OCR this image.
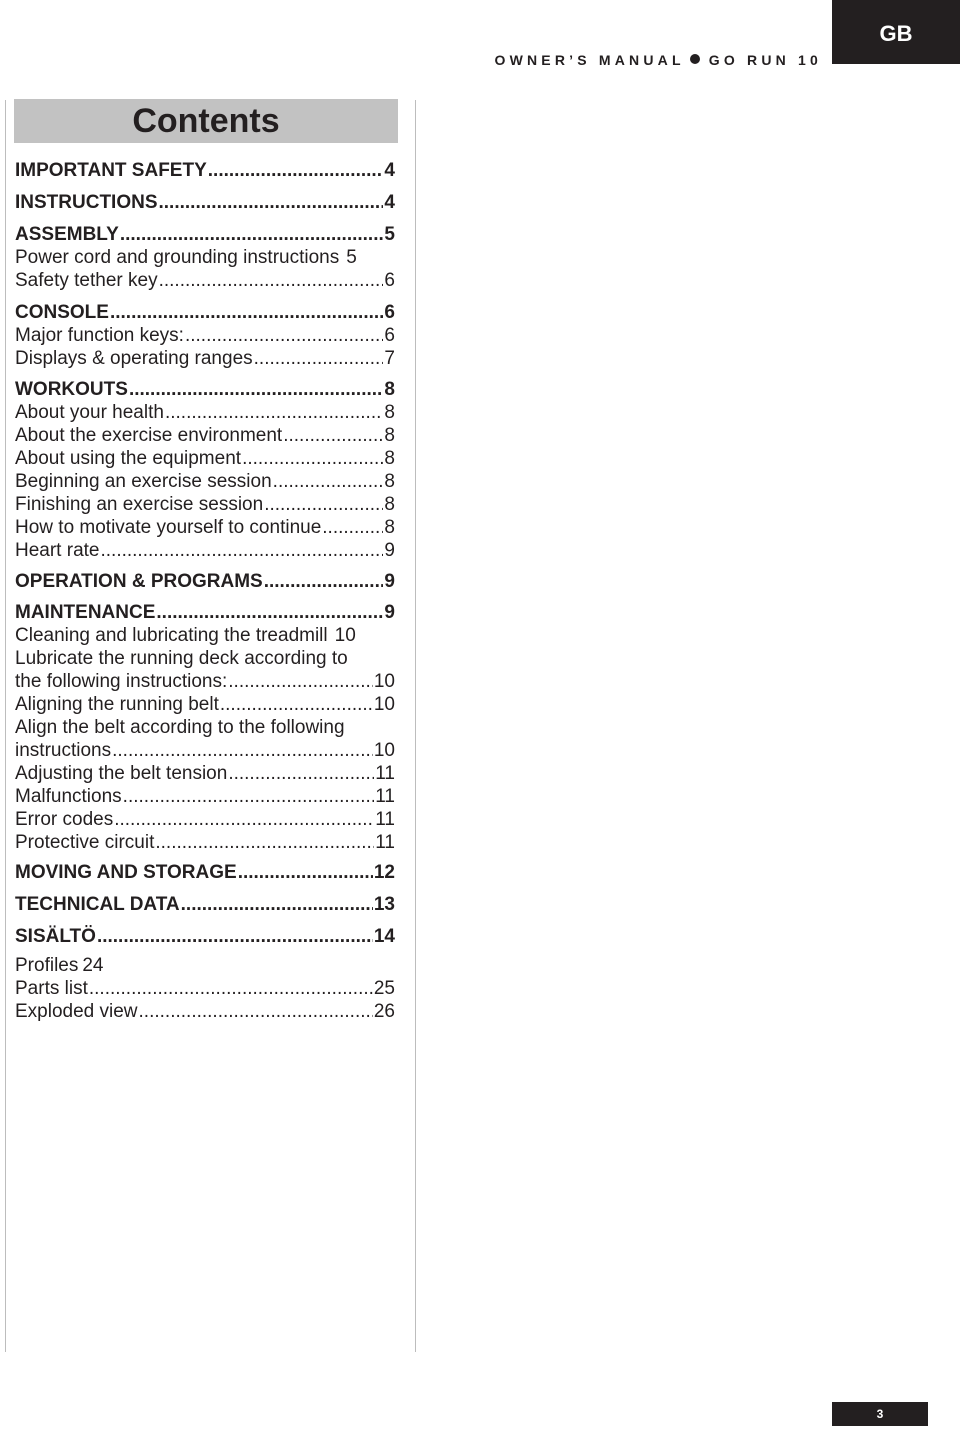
OWNER’S MANUAL GO RUN 10
GB
Contents
IMPORTANT SAFETY .....	4
INSTRUCTIONS .....	4
ASSEMBLY .....	5
Power cord and grounding instructions 5
Safety tether key .....	6
CONSOLE .....	6
Major function keys: .....	6
Displays & operating ranges .....	7
WORKOUTS .....	8
About your health .....	8
About the exercise environment .....	8
About using the equipment .....	8
Beginning an exercise session .....	8
Finishing an exercise session .....	8
How to motivate yourself to continue .....	8
Heart rate .....	9
OPERATION & PROGRAMS .....	9
MAINTENANCE .....	9
Cleaning and lubricating the treadmill 10
Lubricate the running deck according to
the following instructions: .....	10
Aligning the running belt .....	10
Align the belt according to the following
instructions .....	10
Adjusting the belt tension .....	11
Malfunctions .....	11
Error codes .....	11
Protective circuit .....	11
MOVING AND STORAGE .....	12
TECHNICAL DATA .....	13
SISÄLTÖ .....	14
Profiles 24
Parts list .....	25
Exploded view .....	26
3
